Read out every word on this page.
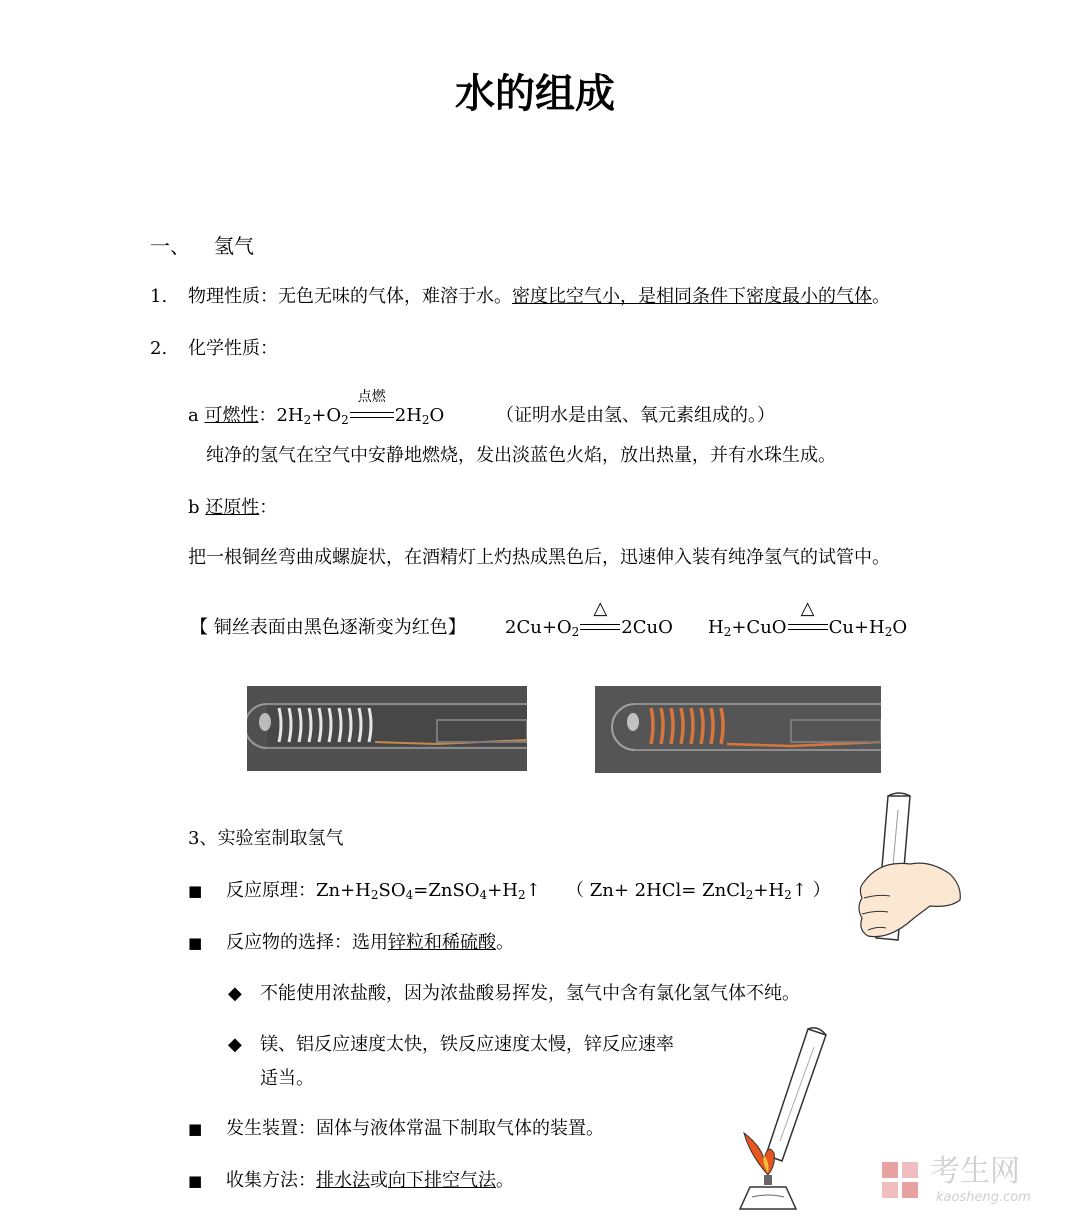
水的组成
一、 氢气
1. 物理性质：无色无味的气体，难溶于水。密度比空气小，是相同条件下密度最小的气体。
2. 化学性质：
a 可燃性：$2H_2+O_2$
点燃
$2H_2O$	（证明水是由氢、氧元素组成的。）
纯净的氢气在空气中安静地燃烧，发出淡蓝色火焰，放出热量，并有水珠生成。
b 还原性：
把一根铜丝弯曲成螺旋状，在酒精灯上灼热成黑色后，迅速伸入装有纯净氢气的试管中。
【 铜丝表面由黑色逐渐变为红色】 $2Cu+O_2$
△
2CuO $H_2+CuO$
△
$Cu+H_2O$
3、实验室制取氢气
■ 反应原理：$Zn+H_2SO_4=ZnSO_4+H_2↑$ （ $Zn+ 2HCl= ZnCl_2+H_2↑$ ）
■ 反应物的选择：选用锌粒和稀硫酸。
◆ 不能使用浓盐酸，因为浓盐酸易挥发，氢气中含有氯化氢气体不纯。
◆ 镁、铝反应速度太快，铁反应速度太慢，锌反应速率
适当。
■ 发生装置：固体与液体常温下制取气体的装置。
■ 收集方法：排水法或向下排空气法。	考生网
kaosheng.com
